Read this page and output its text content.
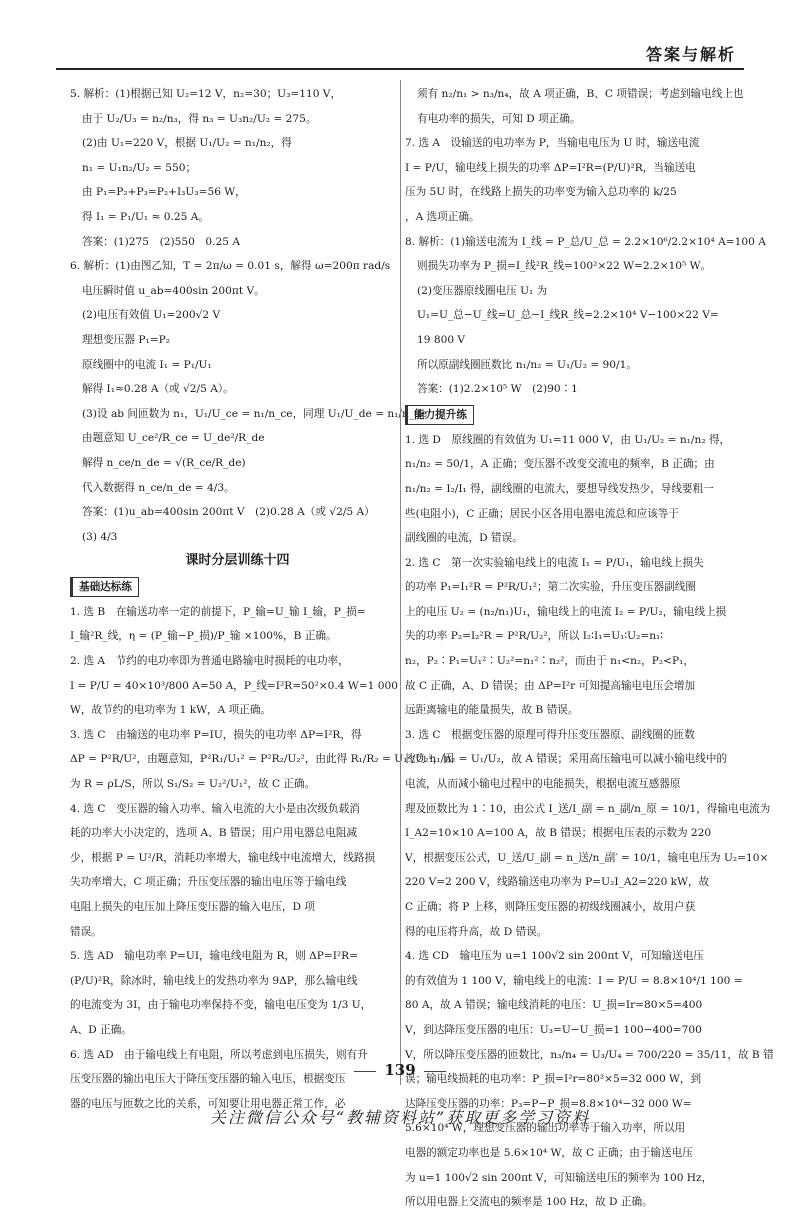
答案与解析
5. 解析：(1)根据已知 U₂=12 V，n₂=30；U₃=110 V，
由于 U₂/U₃ = n₂/n₃，得 n₃ = U₃n₂/U₂ = 275。
(2)由 U₁=220 V，根据 U₁/U₂ = n₁/n₂，得
n₁ = U₁n₂/U₂ = 550；
由 P₁=P₂+P₃=P₂+I₃U₃=56 W，
得 I₁ = P₁/U₁ ≈ 0.25 A。
答案：(1)275　(2)550　0.25 A
6. 解析：(1)由图乙知，T = 2π/ω = 0.01 s，解得 ω=200π rad/s
电压瞬时值 u_ab=400sin 200πt V。
(2)电压有效值 U₁=200√2 V
理想变压器 P₁=P₂
原线圈中的电流 I₁ = P₁/U₁
解得 I₁≈0.28 A（或 √2/5 A）。
(3)设 ab 间匝数为 n₁，U₁/U_ce = n₁/n_ce，同理 U₁/U_de = n₁/n_de
由题意知 U_ce²/R_ce = U_de²/R_de
解得 n_ce/n_de = √(R_ce/R_de)
代入数据得 n_ce/n_de = 4/3。
答案：(1)u_ab=400sin 200πt V　(2)0.28 A（或 √2/5 A）
(3) 4/3
课时分层训练十四
基础达标练
1. 选 B　在输送功率一定的前提下，P_输=U_输 I_输，P_损=
I_输²R_线，η = (P_输−P_损)/P_输 ×100%，B 正确。
2. 选 A　节约的电功率即为普通电路输电时损耗的电功率，
I = P/U = 40×10³/800 A=50 A，P_线=I²R=50²×0.4 W=1 000
W，故节约的电功率为 1 kW，A 项正确。
3. 选 C　由输送的电功率 P=IU，损失的电功率 ΔP=I²R，得
ΔP = P²R/U²，由题意知，P²R₁/U₁² = P²R₂/U₂²，由此得 R₁/R₂ = U₁²/U₂²，因
为 R = ρL/S，所以 S₁/S₂ = U₂²/U₁²，故 C 正确。
4. 选 C　变压器的输入功率、输入电流的大小是由次级负载消
耗的功率大小决定的，选项 A、B 错误；用户用电器总电阻减
少，根据 P = U²/R，消耗功率增大，输电线中电流增大，线路损
失功率增大，C 项正确；升压变压器的输出电压等于输电线
电阻上损失的电压加上降压变压器的输入电压，D 项
错误。
5. 选 AD　输电功率 P=UI，输电线电阻为 R，则 ΔP=I²R=
(P/U)²R，除冰时，输电线上的发热功率为 9ΔP，那么输电线
的电流变为 3I，由于输电功率保持不变，输电电压变为 1/3 U，
A、D 正确。
6. 选 AD　由于输电线上有电阻，所以考虑到电压损失，则有升
压变压器的输出电压大于降压变压器的输入电压，根据变压
器的电压与匝数之比的关系，可知要让用电器正常工作，必
须有 n₂/n₁ > n₃/n₄，故 A 项正确，B、C 项错误；考虑到输电线上也
有电功率的损失，可知 D 项正确。
7. 选 A　设输送的电功率为 P，当输电电压为 U 时，输送电流
I = P/U，输电线上损失的功率 ΔP=I²R=(P/U)²R，当输送电
压为 5U 时，在线路上损失的功率变为输入总功率的 k/25
，A 选项正确。
8. 解析：(1)输送电流为 I_线 = P_总/U_总 = 2.2×10⁶/2.2×10⁴ A=100 A
则损失功率为 P_损=I_线²R_线=100²×22 W=2.2×10⁵ W。
(2)变压器原线圈电压 U₁ 为
U₁=U_总−U_线=U_总−I_线R_线=2.2×10⁴ V−100×22 V=
19 800 V
所以原副线圈匝数比 n₁/n₂ = U₁/U₂ = 90/1。
答案：(1)2.2×10⁵ W　(2)90∶1
能力提升练
1. 选 D　原线圈的有效值为 U₁=11 000 V，由 U₁/U₂ = n₁/n₂ 得，
n₁/n₂ = 50/1，A 正确；变压器不改变交流电的频率，B 正确；由
n₁/n₂ = I₂/I₁ 得，副线圈的电流大，要想导线发热少，导线要粗一
些(电阻小)，C 正确；居民小区各用电器电流总和应该等于
副线圈的电流，D 错误。
2. 选 C　第一次实验输电线上的电流 I₁ = P/U₁，输电线上损失
的功率 P₁=I₁²R = P²R/U₁²；第二次实验，升压变压器副线圈
上的电压 U₂ = (n₂/n₁)U₁，输电线上的电流 I₂ = P/U₂，输电线上损
失的功率 P₂=I₂²R = P²R/U₂²，所以 I₂∶I₁=U₁∶U₂=n₁∶
n₂，P₂∶P₁=U₁²∶U₂²=n₁²∶n₂²，而由于 n₁<n₂，P₂<P₁，
故 C 正确，A、D 错误；由 ΔP=I²r 可知提高输电电压会增加
远距离输电的能量损失，故 B 错误。
3. 选 C　根据变压器的原理可得升压变压器原、副线圈的匝数
比为 n₁/n₂ = U₁/U₂，故 A 错误；采用高压输电可以减小输电线中的
电流，从而减小输电过程中的电能损失，根据电流互感器原
理及匝数比为 1∶10，由公式 I_送/I_副 = n_副/n_原 = 10/1，得输电电流为
I_A2=10×10 A=100 A，故 B 错误；根据电压表的示数为 220
V，根据变压公式，U_送/U_副 = n_送/n_副′ = 10/1，输电电压为 U₂=10×
220 V=2 200 V，线路输送电功率为 P=U₂I_A2=220 kW，故
C 正确；将 P 上移，则降压变压器的初级线圈减小，故用户获
得的电压将升高，故 D 错误。
4. 选 CD　输电压为 u=1 100√2 sin 200πt V，可知输送电压
的有效值为 1 100 V，输电线上的电流：I = P/U = 8.8×10⁴/1 100 =
80 A，故 A 错误；输电线消耗的电压：U_损=Ir=80×5=400
V，到达降压变压器的电压：U₃=U−U_损=1 100−400=700
V，所以降压变压器的匝数比，n₃/n₄ = U₃/U₄ = 700/220 = 35/11，故 B 错
误；输电线损耗的电功率：P_损=I²r=80²×5=32 000 W，到
达降压变压器的功率：P₃=P−P_损=8.8×10⁴−32 000 W=
5.6×10⁴ W，理想变压器的输出功率等于输入功率，所以用
电器的额定功率也是 5.6×10⁴ W，故 C 正确；由于输送电压
为 u=1 100√2 sin 200πt V，可知输送电压的频率为 100 Hz，
所以用电器上交流电的频率是 100 Hz，故 D 正确。
139
关注微信公众号“教辅资料站”获取更多学习资料
